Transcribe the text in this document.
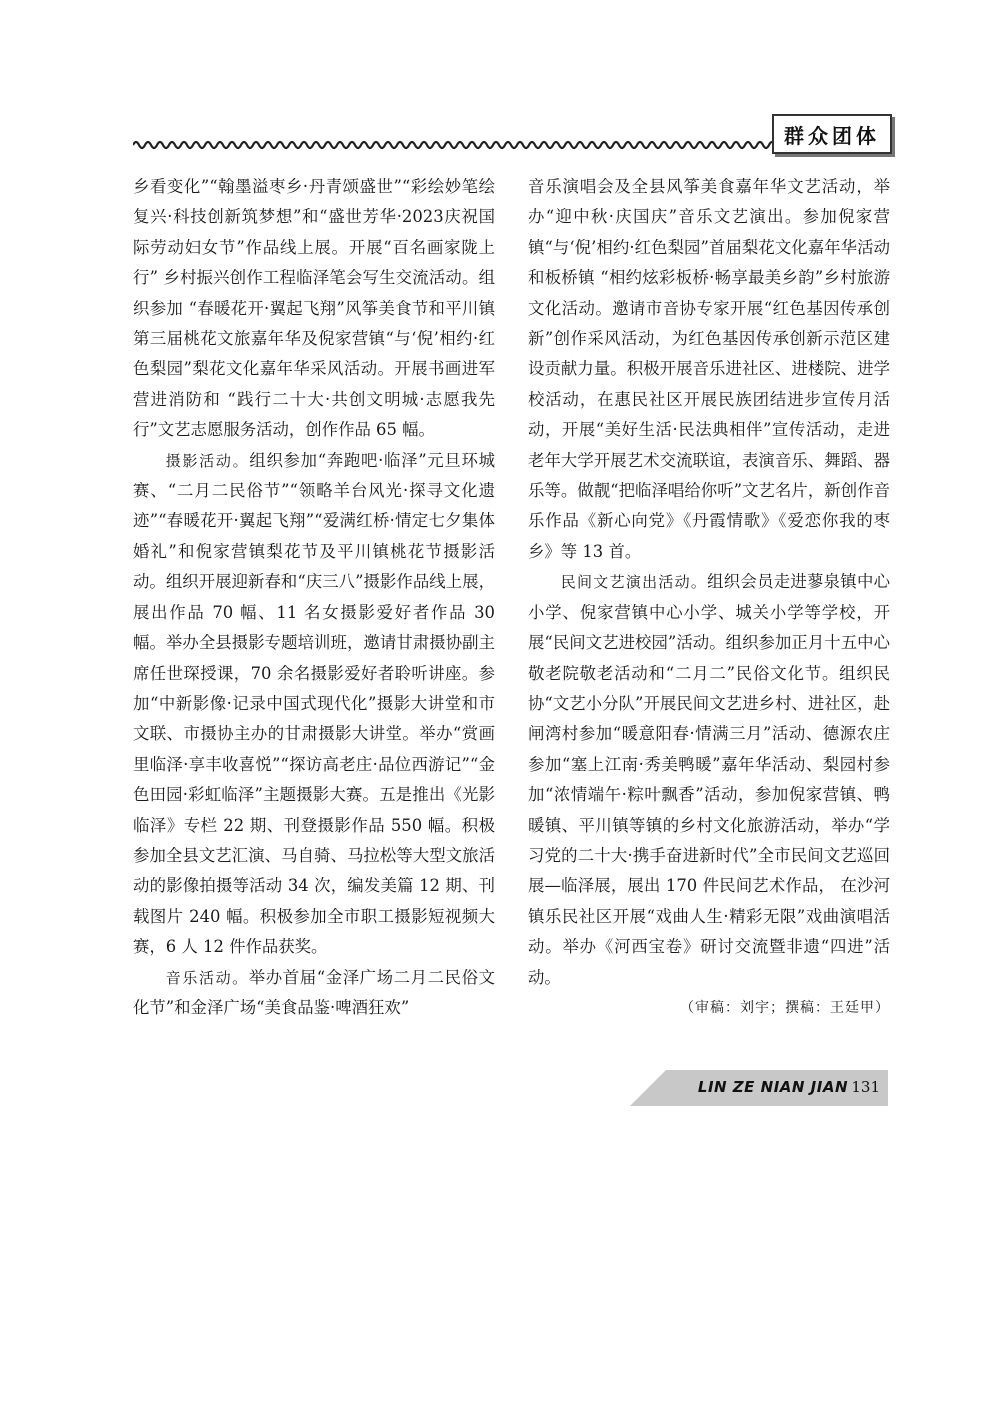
群众团体

乡看变化”“翰墨溢枣乡·丹青颂盛世”“彩绘妙笔绘复兴·科技创新筑梦想”和“盛世芳华·2023庆祝国际劳动妇女节”作品线上展。开展“百名画家陇上行” 乡村振兴创作工程临泽笔会写生交流活动。组织参加 “春暖花开·翼起飞翔”风筝美食节和平川镇第三届桃花文旅嘉年华及倪家营镇“与‘倪’相约·红色梨园”梨花文化嘉年华采风活动。开展书画进军营进消防和 “践行二十大·共创文明城·志愿我先行”文艺志愿服务活动，创作作品 65 幅。

摄影活动。组织参加“奔跑吧·临泽”元旦环城赛、“二月二民俗节”“领略羊台风光·探寻文化遗迹”“春暖花开·翼起飞翔”“爱满红桥·情定七夕集体婚礼”和倪家营镇梨花节及平川镇桃花节摄影活动。组织开展迎新春和“庆三八”摄影作品线上展，展出作品 70 幅、11 名女摄影爱好者作品 30 幅。举办全县摄影专题培训班，邀请甘肃摄协副主席任世琛授课，70 余名摄影爱好者聆听讲座。参加“中新影像·记录中国式现代化”摄影大讲堂和市文联、市摄协主办的甘肃摄影大讲堂。举办“赏画里临泽·享丰收喜悦”“探访高老庄·品位西游记”“金色田园·彩虹临泽”主题摄影大赛。五是推出《光影临泽》专栏 22 期、刊登摄影作品 550 幅。积极参加全县文艺汇演、马自骑、马拉松等大型文旅活动的影像拍摄等活动 34 次，编发美篇 12 期、刊载图片 240 幅。积极参加全市职工摄影短视频大赛，6 人 12 件作品获奖。

音乐活动。举办首届“金泽广场二月二民俗文化节”和金泽广场“美食品鉴·啤酒狂欢”

音乐演唱会及全县风筝美食嘉年华文艺活动，举办“迎中秋·庆国庆”音乐文艺演出。参加倪家营镇“与‘倪’相约·红色梨园”首届梨花文化嘉年华活动和板桥镇 “相约炫彩板桥·畅享最美乡韵”乡村旅游文化活动。邀请市音协专家开展“红色基因传承创新”创作采风活动，为红色基因传承创新示范区建设贡献力量。积极开展音乐进社区、进楼院、进学校活动，在惠民社区开展民族团结进步宣传月活动，开展“美好生活·民法典相伴”宣传活动，走进老年大学开展艺术交流联谊，表演音乐、舞蹈、器乐等。做靓“把临泽唱给你听”文艺名片，新创作音乐作品《新心向党》《丹霞情歌》《爱恋你我的枣乡》等 13 首。

民间文艺演出活动。组织会员走进蓼泉镇中心小学、倪家营镇中心小学、城关小学等学校，开展“民间文艺进校园”活动。组织参加正月十五中心敬老院敬老活动和“二月二”民俗文化节。组织民协“文艺小分队”开展民间文艺进乡村、进社区，赴闸湾村参加“暖意阳春·情满三月”活动、德源农庄参加“塞上江南·秀美鸭暖”嘉年华活动、梨园村参加“浓情端午·粽叶飘香”活动，参加倪家营镇、鸭暖镇、平川镇等镇的乡村文化旅游活动，举办“学习党的二十大·携手奋进新时代”全市民间文艺巡回展—临泽展，展出 170 件民间艺术作品， 在沙河镇乐民社区开展“戏曲人生·精彩无限”戏曲演唱活动。举办《河西宝卷》研讨交流暨非遗“四进”活动。

（审稿：刘宇；撰稿：王廷甲）

LIN ZE NIAN JIAN 131
